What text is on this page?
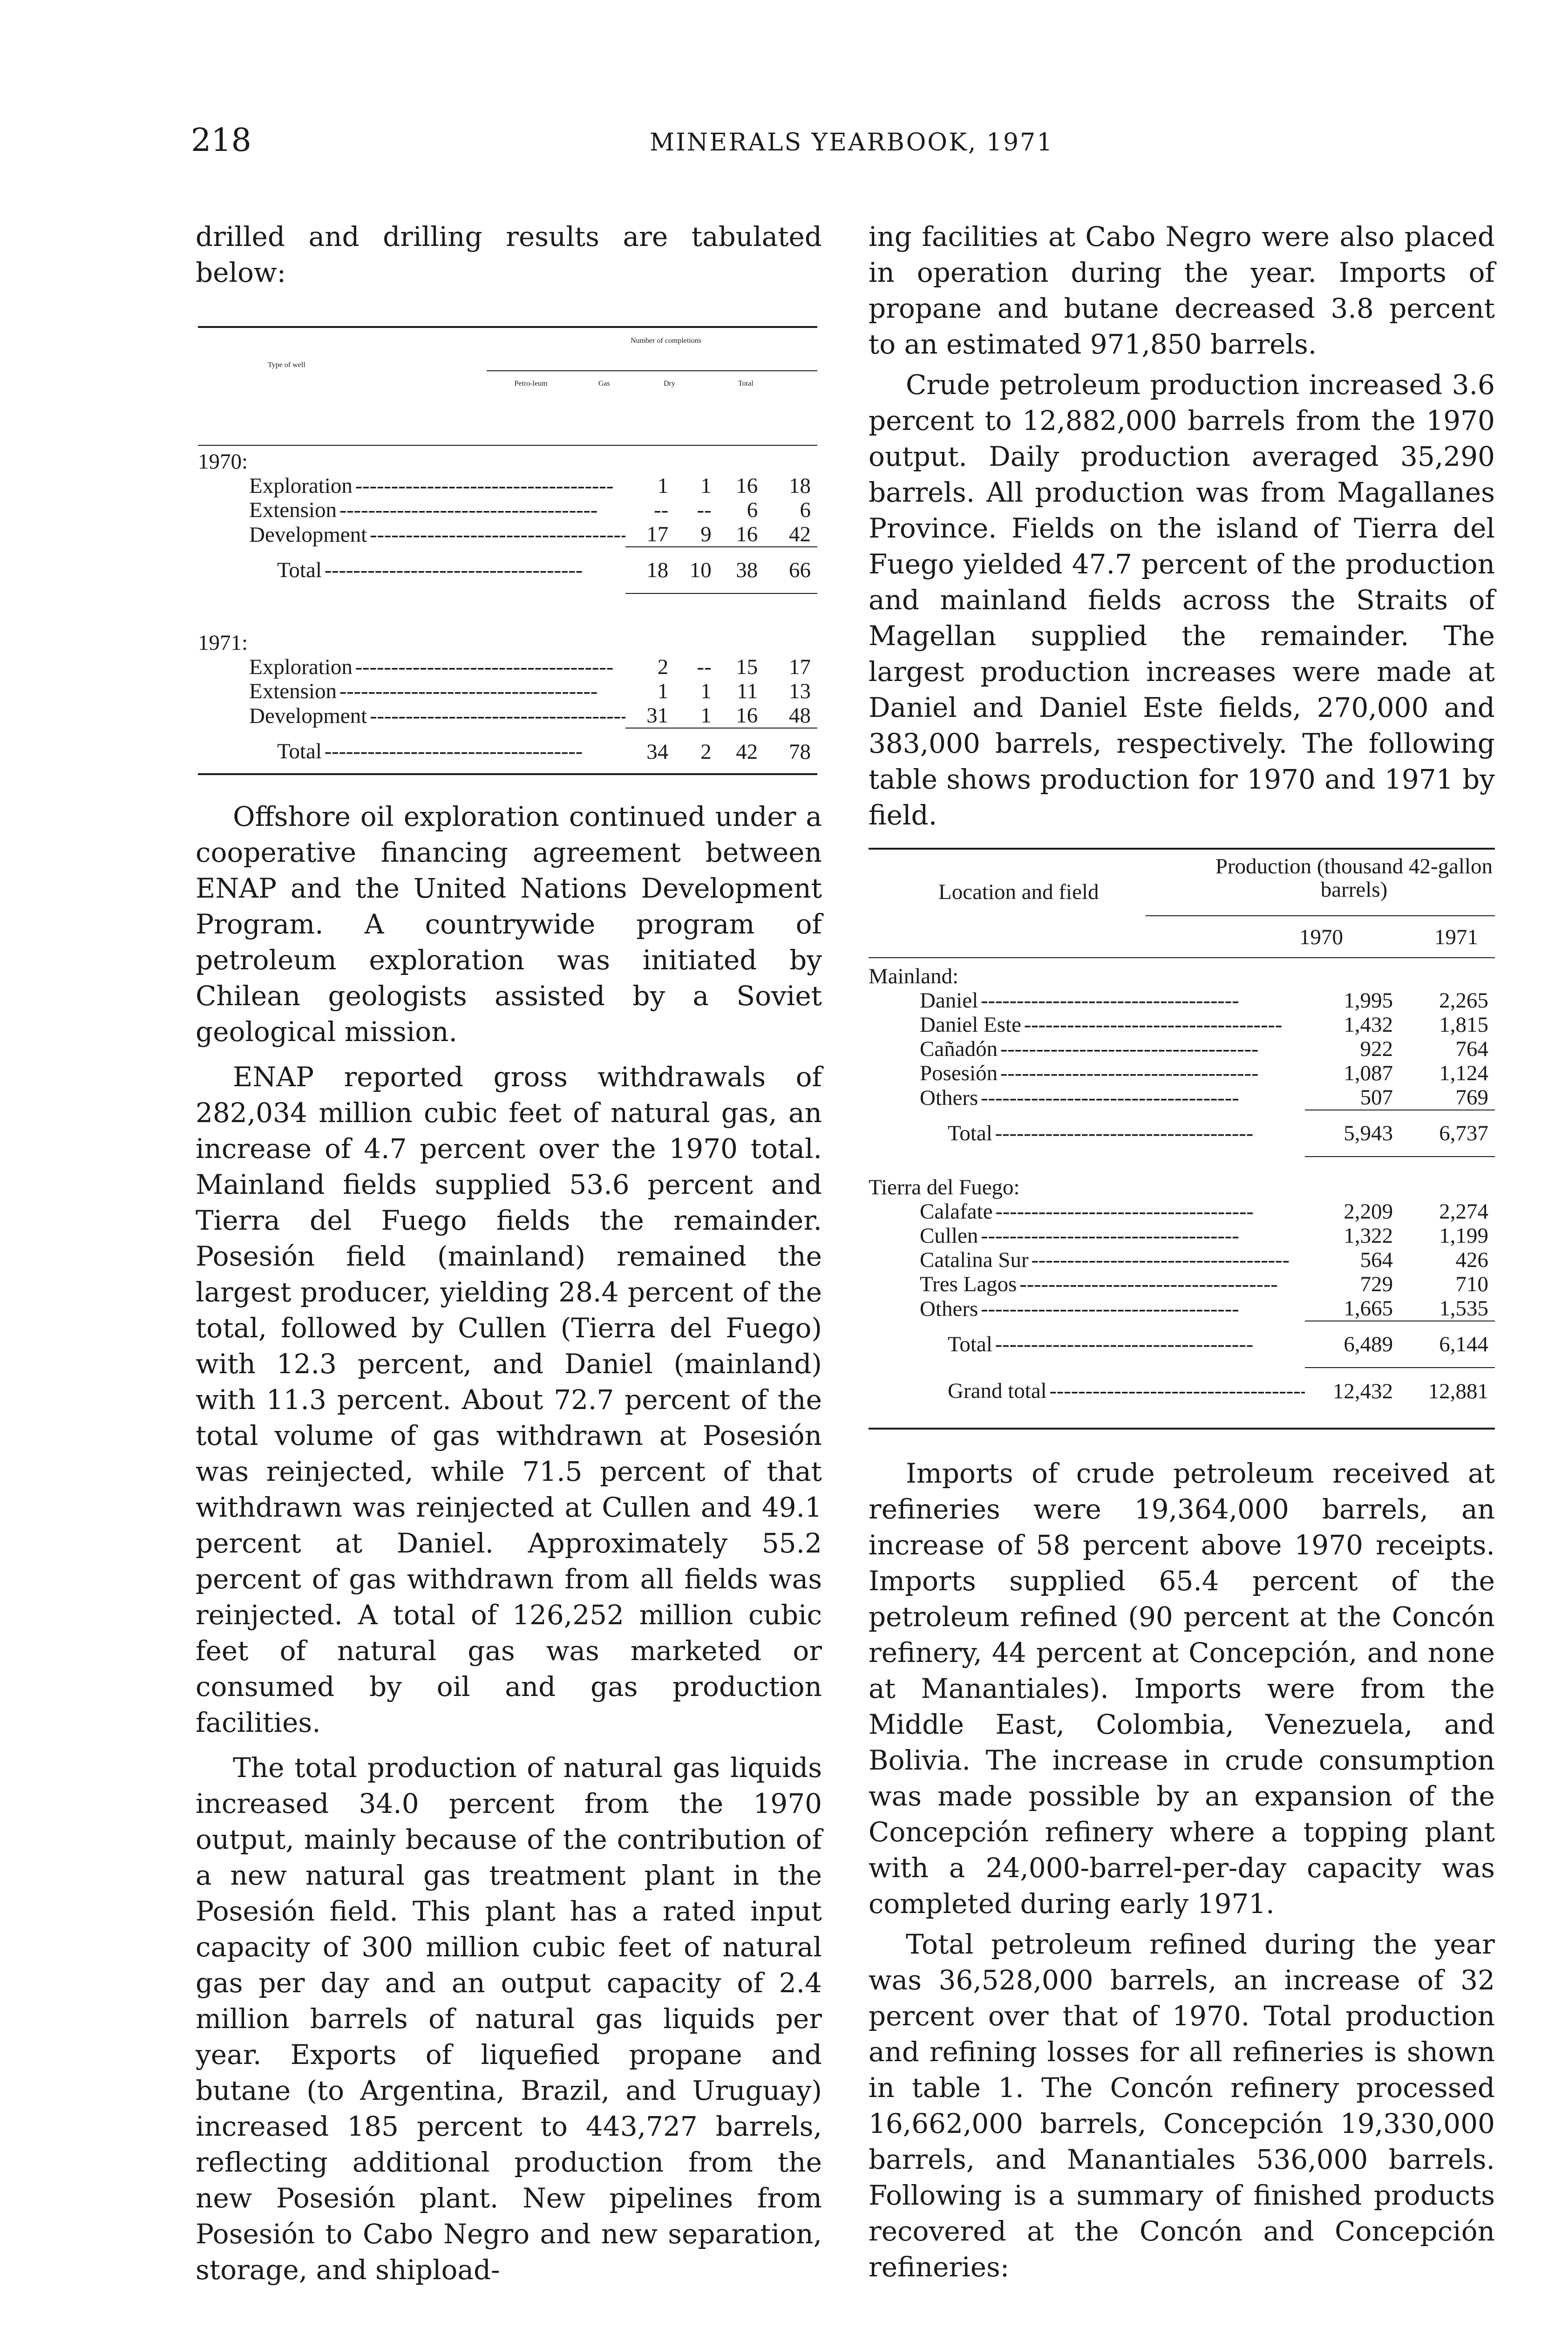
218	MINERALS YEARBOOK, 1971

drilled and drilling results are tabulated below:

Type of well
Number of completions
Petro-leum	Gas	Dry	Total
1970:				
Exploration - - -	1	1	16	18
Extension - - -	--	--	6	6
Development - - -	17	9	16	42
Total - - -	18	10	38	66

1971:				
Exploration - - -	2	--	15	17
Extension - - -	1	1	11	13
Development - - -	31	1	16	48
Total - - -	34	2	42	78

Offshore oil exploration continued under a cooperative financing agreement between ENAP and the United Nations Development Program. A countrywide program of petroleum exploration was initiated by Chilean geologists assisted by a Soviet geological mission.

ENAP reported gross withdrawals of 282,034 million cubic feet of natural gas, an increase of 4.7 percent over the 1970 total. Mainland fields supplied 53.6 percent and Tierra del Fuego fields the remainder. Posesión field (mainland) remained the largest producer, yielding 28.4 percent of the total, followed by Cullen (Tierra del Fuego) with 12.3 percent, and Daniel (mainland) with 11.3 percent. About 72.7 percent of the total volume of gas withdrawn at Posesión was reinjected, while 71.5 percent of that withdrawn was reinjected at Cullen and 49.1 percent at Daniel. Approximately 55.2 percent of gas withdrawn from all fields was reinjected. A total of 126,252 million cubic feet of natural gas was marketed or consumed by oil and gas production facilities.

The total production of natural gas liquids increased 34.0 percent from the 1970 output, mainly because of the contribution of a new natural gas treatment plant in the Posesión field. This plant has a rated input capacity of 300 million cubic feet of natural gas per day and an output capacity of 2.4 million barrels of natural gas liquids per year. Exports of liquefied propane and butane (to Argentina, Brazil, and Uruguay) increased 185 percent to 443,727 barrels, reflecting additional production from the new Posesión plant. New pipelines from Posesión to Cabo Negro and new separation, storage, and shipload-

ing facilities at Cabo Negro were also placed in operation during the year. Imports of propane and butane decreased 3.8 percent to an estimated 971,850 barrels.

Crude petroleum production increased 3.6 percent to 12,882,000 barrels from the 1970 output. Daily production averaged 35,290 barrels. All production was from Magallanes Province. Fields on the island of Tierra del Fuego yielded 47.7 percent of the production and mainland fields across the Straits of Magellan supplied the remainder. The largest production increases were made at Daniel and Daniel Este fields, 270,000 and 383,000 barrels, respectively. The following table shows production for 1970 and 1971 by field.

Location and field
Production (thousand 42-gallon barrels)
1970	1971
Mainland:		
Daniel - - -	1,995	2,265
Daniel Este - - -	1,432	1,815
Cañadón - - -	922	764
Posesión - - -	1,087	1,124
Others - - -	507	769
Total - - -	5,943	6,737

Tierra del Fuego:		
Calafate - - -	2,209	2,274
Cullen - - -	1,322	1,199
Catalina Sur - - -	564	426
Tres Lagos - - -	729	710
Others - - -	1,665	1,535
Total - - -	6,489	6,144
Grand total - - -	12,432	12,881

Imports of crude petroleum received at refineries were 19,364,000 barrels, an increase of 58 percent above 1970 receipts. Imports supplied 65.4 percent of the petroleum refined (90 percent at the Concón refinery, 44 percent at Concepción, and none at Manantiales). Imports were from the Middle East, Colombia, Venezuela, and Bolivia. The increase in crude consumption was made possible by an expansion of the Concepción refinery where a topping plant with a 24,000-barrel-per-day capacity was completed during early 1971.

Total petroleum refined during the year was 36,528,000 barrels, an increase of 32 percent over that of 1970. Total production and refining losses for all refineries is shown in table 1. The Concón refinery processed 16,662,000 barrels, Concepción 19,330,000 barrels, and Manantiales 536,000 barrels. Following is a summary of finished products recovered at the Concón and Concepción refineries:
